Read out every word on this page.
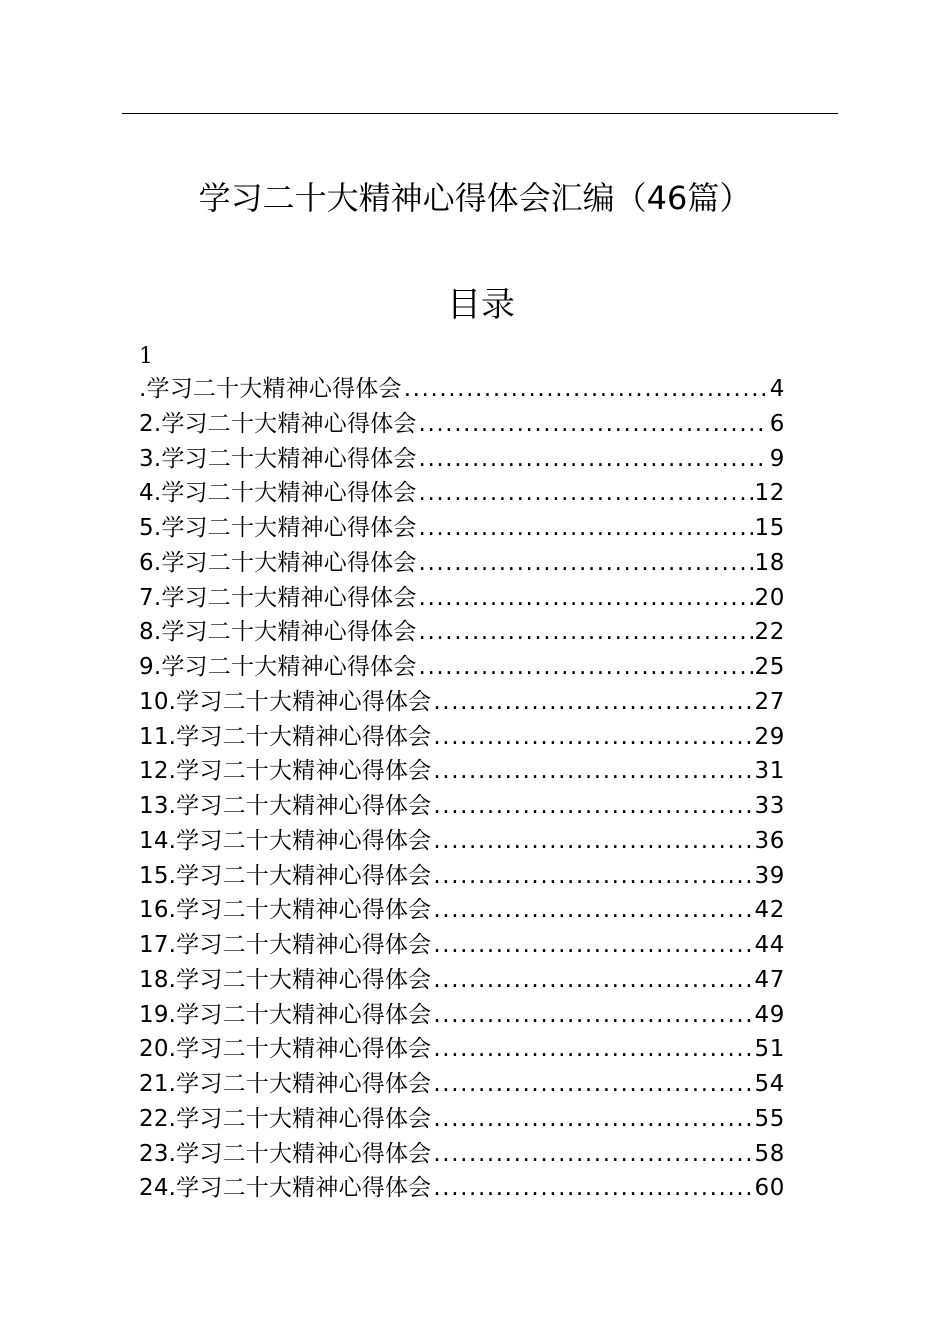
学习二十大精神心得体会汇编（46篇）
目录
1
.学习二十大精神心得体会 .....	4
2.学习二十大精神心得体会 .....	6
3.学习二十大精神心得体会 .....	9
4.学习二十大精神心得体会 .....	12
5.学习二十大精神心得体会 .....	15
6.学习二十大精神心得体会 .....	18
7.学习二十大精神心得体会 .....	20
8.学习二十大精神心得体会 .....	22
9.学习二十大精神心得体会 .....	25
10.学习二十大精神心得体会 .....	27
11.学习二十大精神心得体会 .....	29
12.学习二十大精神心得体会 .....	31
13.学习二十大精神心得体会 .....	33
14.学习二十大精神心得体会 .....	36
15.学习二十大精神心得体会 .....	39
16.学习二十大精神心得体会 .....	42
17.学习二十大精神心得体会 .....	44
18.学习二十大精神心得体会 .....	47
19.学习二十大精神心得体会 .....	49
20.学习二十大精神心得体会 .....	51
21.学习二十大精神心得体会 .....	54
22.学习二十大精神心得体会 .....	55
23.学习二十大精神心得体会 .....	58
24.学习二十大精神心得体会 .....	60
